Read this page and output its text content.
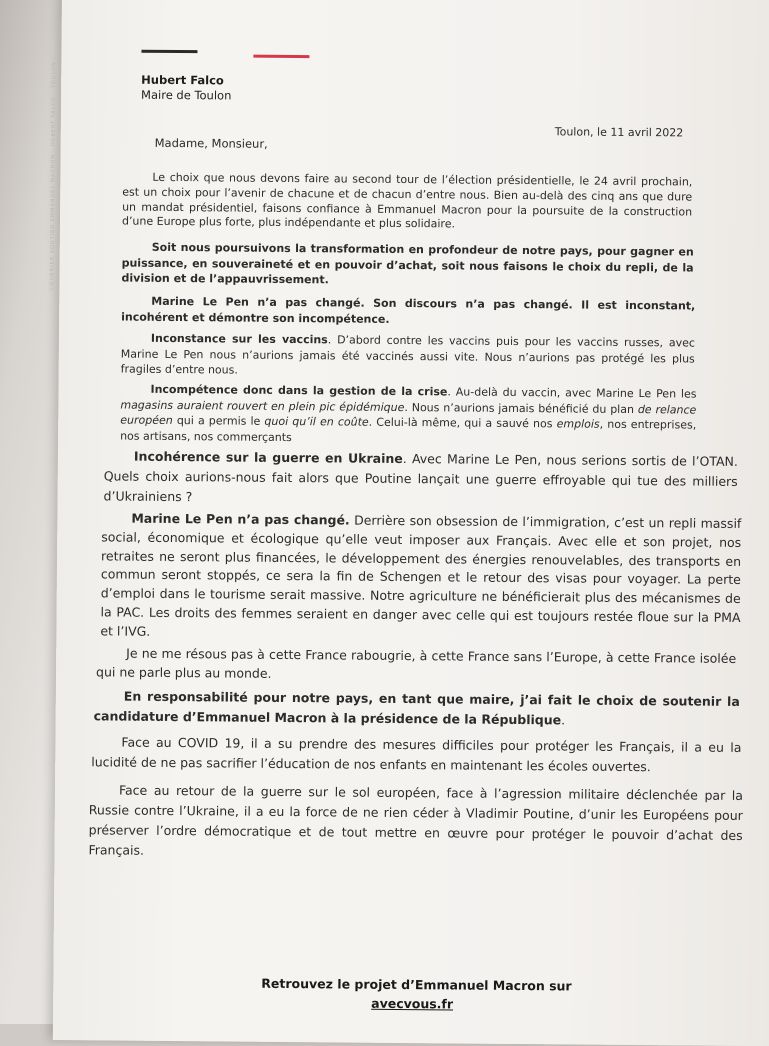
COURRIER SOUTIEN EMMANUEL MACRON - HUBERT FALCO - TOULON	Hubert Falco
Maire de Toulon
Toulon, le 11 avril 2022
Madame, Monsieur,

Le choix que nous devons faire au second tour de l’élection présidentielle, le 24 avril prochain, est un choix pour l’avenir de chacune et de chacun d’entre nous. Bien au-delà des cinq ans que dure un mandat présidentiel, faisons confiance à Emmanuel Macron pour la poursuite de la construction d’une Europe plus forte, plus indépendante et plus solidaire.

Soit nous poursuivons la transformation en profondeur de notre pays, pour gagner en puissance, en souveraineté et en pouvoir d’achat, soit nous faisons le choix du repli, de la division et de l’appauvrissement.

Marine Le Pen n’a pas changé. Son discours n’a pas changé. Il est inconstant, incohérent et démontre son incompétence.

Inconstance sur les vaccins. D’abord contre les vaccins puis pour les vaccins russes, avec Marine Le Pen nous n’aurions jamais été vaccinés aussi vite. Nous n’aurions pas protégé les plus fragiles d’entre nous.

Incompétence donc dans la gestion de la crise. Au-delà du vaccin, avec Marine Le Pen les magasins auraient rouvert en plein pic épidémique. Nous n’aurions jamais bénéficié du plan de relance européen qui a permis le quoi qu’il en coûte. Celui-là même, qui a sauvé nos emplois, nos entreprises, nos artisans, nos commerçants

Incohérence sur la guerre en Ukraine. Avec Marine Le Pen, nous serions sortis de l’OTAN. Quels choix aurions-nous fait alors que Poutine lançait une guerre effroyable qui tue des milliers d’Ukrainiens ?

Marine Le Pen n’a pas changé. Derrière son obsession de l’immigration, c’est un repli massif social, économique et écologique qu’elle veut imposer aux Français. Avec elle et son projet, nos retraites ne seront plus financées, le développement des énergies renouvelables, des transports en commun seront stoppés, ce sera la fin de Schengen et le retour des visas pour voyager. La perte d’emploi dans le tourisme serait massive. Notre agriculture ne bénéficierait plus des mécanismes de la PAC. Les droits des femmes seraient en danger avec celle qui est toujours restée floue sur la PMA et l’IVG.

Je ne me résous pas à cette France rabougrie, à cette France sans l’Europe, à cette France isolée qui ne parle plus au monde.

En responsabilité pour notre pays, en tant que maire, j’ai fait le choix de soutenir la candidature d’Emmanuel Macron à la présidence de la République.

Face au COVID 19, il a su prendre des mesures difficiles pour protéger les Français, il a eu la lucidité de ne pas sacrifier l’éducation de nos enfants en maintenant les écoles ouvertes.

Face au retour de la guerre sur le sol européen, face à l’agression militaire déclenchée par la Russie contre l’Ukraine, il a eu la force de ne rien céder à Vladimir Poutine, d’unir les Européens pour préserver l’ordre démocratique et de tout mettre en œuvre pour protéger le pouvoir d’achat des Français.

Retrouvez le projet d’Emmanuel Macron sur
avecvous.fr
